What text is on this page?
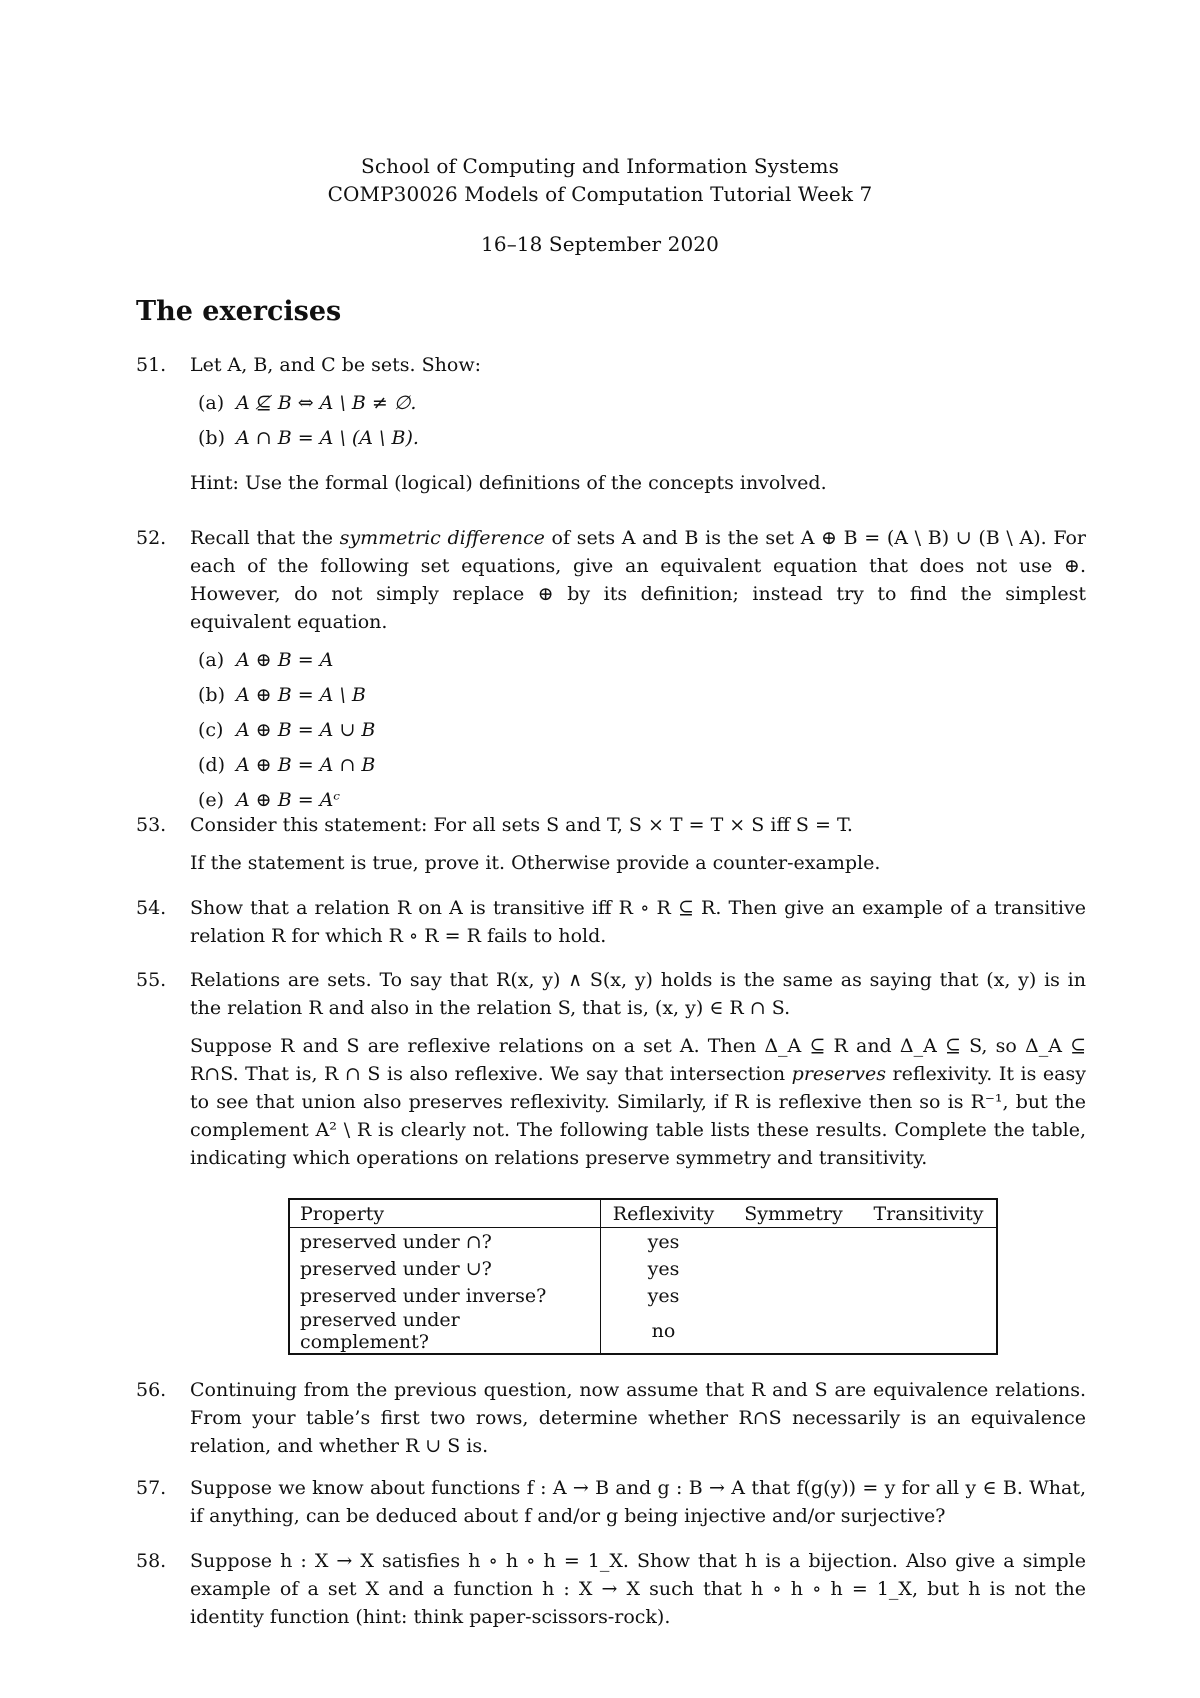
School of Computing and Information Systems
COMP30026 Models of Computation Tutorial Week 7
16–18 September 2020
The exercises
51. Let A, B, and C be sets. Show:
(a) A ⊈ B ⇔ A \ B ≠ ∅.
(b) A ∩ B = A \ (A \ B).
Hint: Use the formal (logical) definitions of the concepts involved.
52. Recall that the symmetric difference of sets A and B is the set A ⊕ B = (A \ B) ∪ (B \ A). For each of the following set equations, give an equivalent equation that does not use ⊕. However, do not simply replace ⊕ by its definition; instead try to find the simplest equivalent equation.
(a) A ⊕ B = A
(b) A ⊕ B = A \ B
(c) A ⊕ B = A ∪ B
(d) A ⊕ B = A ∩ B
(e) A ⊕ B = Aᶜ
53. Consider this statement: For all sets S and T, S × T = T × S iff S = T.
If the statement is true, prove it. Otherwise provide a counter-example.
54. Show that a relation R on A is transitive iff R ∘ R ⊆ R. Then give an example of a transitive relation R for which R ∘ R = R fails to hold.
55. Relations are sets. To say that R(x, y) ∧ S(x, y) holds is the same as saying that (x, y) is in the relation R and also in the relation S, that is, (x, y) ∈ R ∩ S.
Suppose R and S are reflexive relations on a set A. Then Δ_A ⊆ R and Δ_A ⊆ S, so Δ_A ⊆ R∩S. That is, R ∩ S is also reflexive. We say that intersection preserves reflexivity. It is easy to see that union also preserves reflexivity. Similarly, if R is reflexive then so is R⁻¹, but the complement A² \ R is clearly not. The following table lists these results. Complete the table, indicating which operations on relations preserve symmetry and transitivity.
Property	Reflexivity	Symmetry	Transitivity
preserved under ∩?	yes		
preserved under ∪?	yes		
preserved under inverse?	yes		
preserved under complement?	no		
56. Continuing from the previous question, now assume that R and S are equivalence relations. From your table’s first two rows, determine whether R∩S necessarily is an equivalence relation, and whether R ∪ S is.
57. Suppose we know about functions f : A → B and g : B → A that f(g(y)) = y for all y ∈ B. What, if anything, can be deduced about f and/or g being injective and/or surjective?
58. Suppose h : X → X satisfies h ∘ h ∘ h = 1_X. Show that h is a bijection. Also give a simple example of a set X and a function h : X → X such that h ∘ h ∘ h = 1_X, but h is not the identity function (hint: think paper-scissors-rock).
